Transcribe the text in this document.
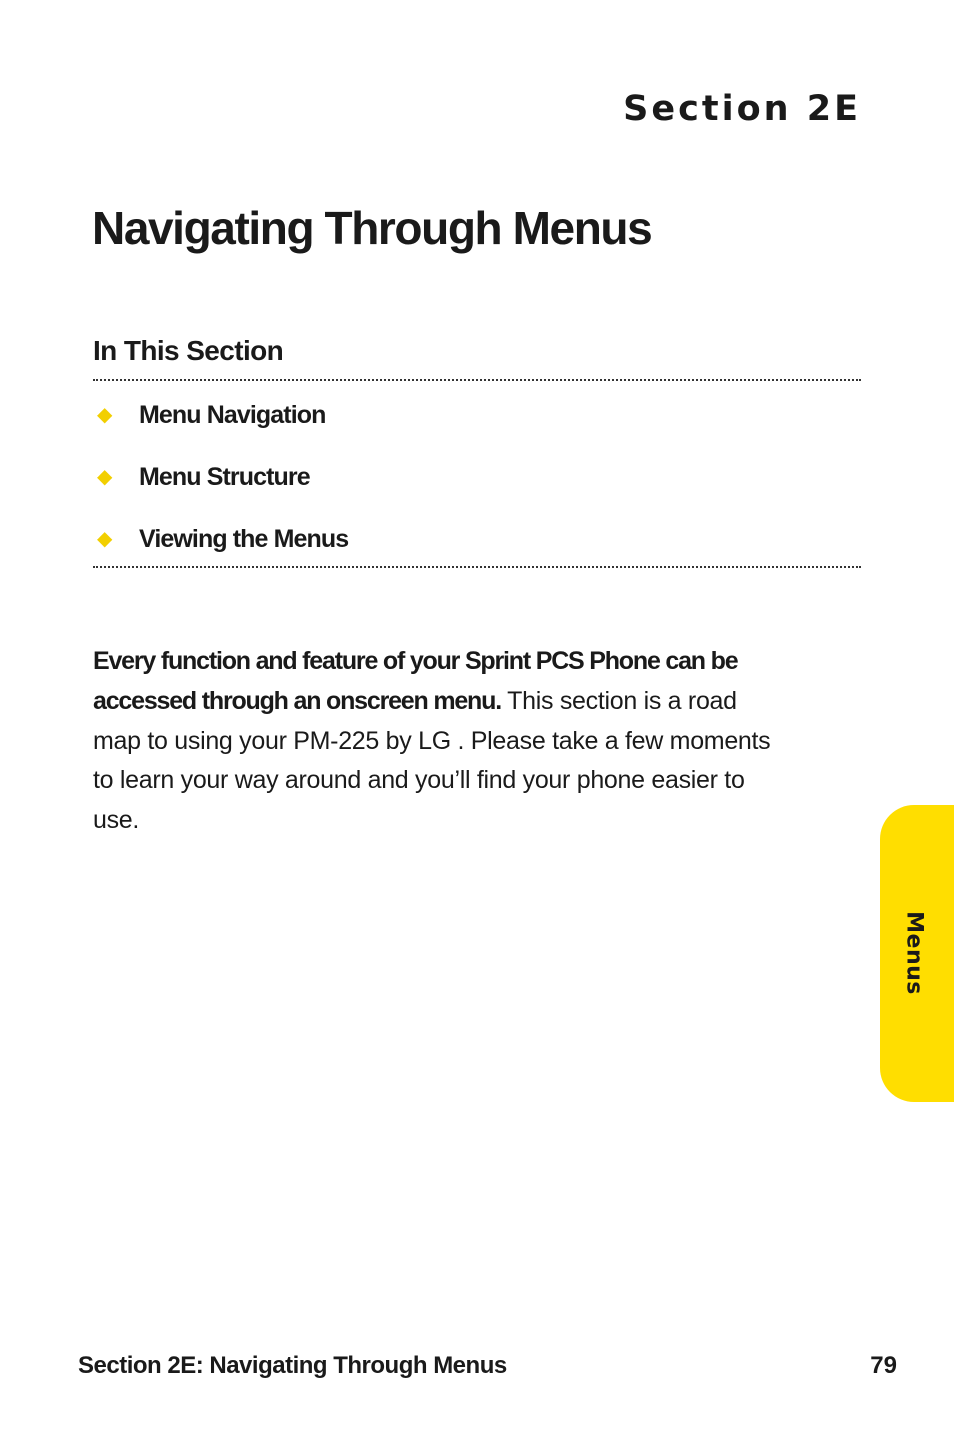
Section 2E
Navigating Through Menus
In This Section
◆	Menu Navigation
◆	Menu Structure
◆	Viewing the Menus

Every function and feature of your Sprint PCS Phone can be accessed through an onscreen menu. This section is a road map to using your PM-225 by LG . Please take a few moments to learn your way around and you’ll find your phone easier to use.

Menus
Section 2E: Navigating Through Menus	79
